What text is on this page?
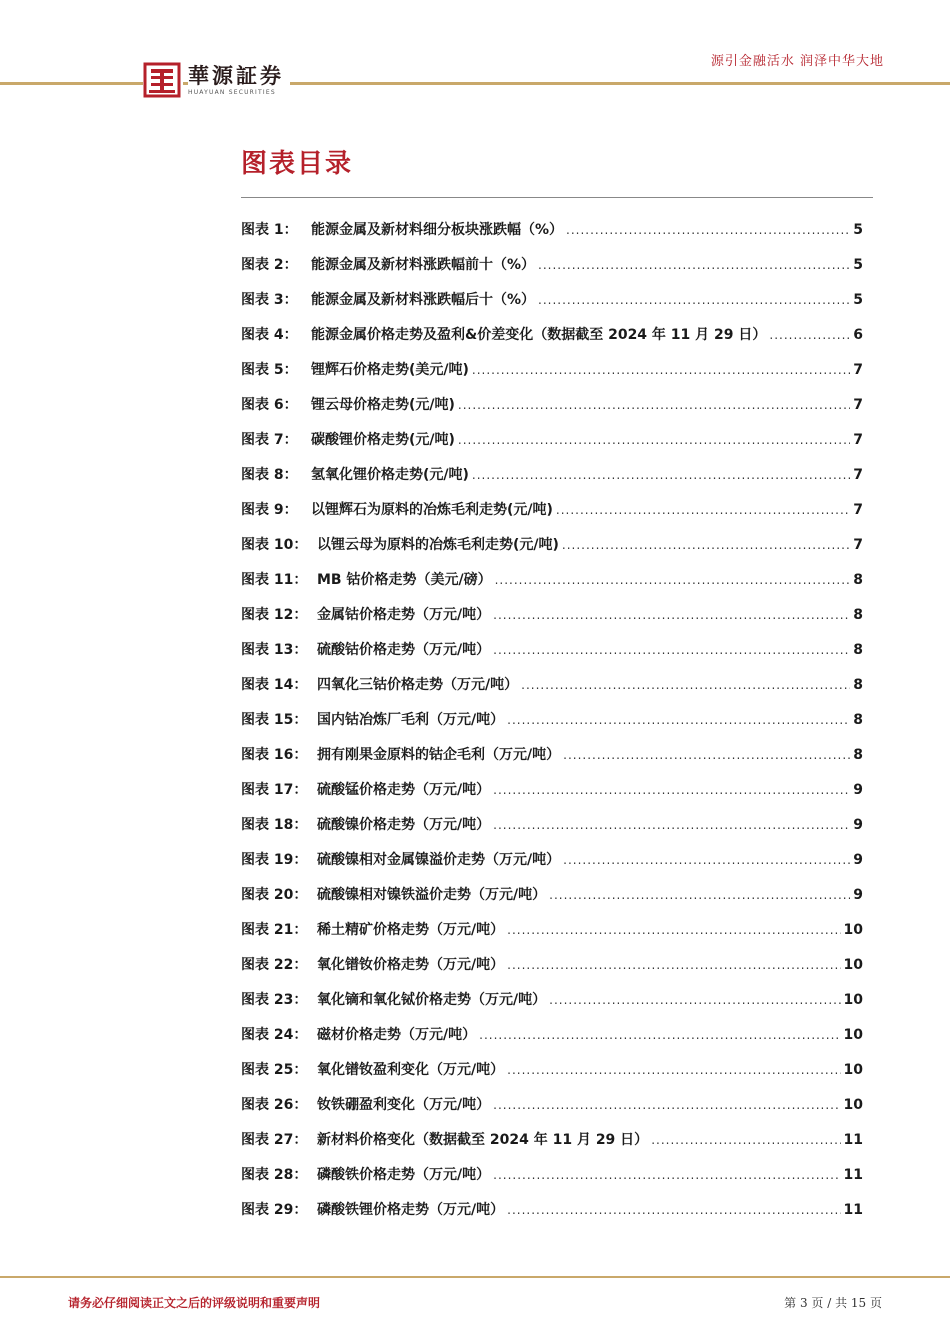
華源証券
HUAYUAN SECURITIES
源引金融活水 润泽中华大地
图表目录
图表 1： 能源金属及新材料细分板块涨跌幅（%） .....	5
图表 2： 能源金属及新材料涨跌幅前十（%） .....	5
图表 3： 能源金属及新材料涨跌幅后十（%） .....	5
图表 4： 能源金属价格走势及盈利&价差变化（数据截至 2024 年 11 月 29 日） .....	6
图表 5： 锂辉石价格走势(美元/吨) .....	7
图表 6： 锂云母价格走势(元/吨) .....	7
图表 7： 碳酸锂价格走势(元/吨) .....	7
图表 8： 氢氧化锂价格走势(元/吨) .....	7
图表 9： 以锂辉石为原料的冶炼毛利走势(元/吨) .....	7
图表 10： 以锂云母为原料的冶炼毛利走势(元/吨) .....	7
图表 11： MB 钴价格走势（美元/磅） .....	8
图表 12： 金属钴价格走势（万元/吨） .....	8
图表 13： 硫酸钴价格走势（万元/吨） .....	8
图表 14： 四氧化三钴价格走势（万元/吨） .....	8
图表 15： 国内钴冶炼厂毛利（万元/吨） .....	8
图表 16： 拥有刚果金原料的钴企毛利（万元/吨） .....	8
图表 17： 硫酸锰价格走势（万元/吨） .....	9
图表 18： 硫酸镍价格走势（万元/吨） .....	9
图表 19： 硫酸镍相对金属镍溢价走势（万元/吨） .....	9
图表 20： 硫酸镍相对镍铁溢价走势（万元/吨） .....	9
图表 21： 稀土精矿价格走势（万元/吨） .....	10
图表 22： 氧化镨钕价格走势（万元/吨） .....	10
图表 23： 氧化镝和氧化铽价格走势（万元/吨） .....	10
图表 24： 磁材价格走势（万元/吨） .....	10
图表 25： 氧化镨钕盈利变化（万元/吨） .....	10
图表 26： 钕铁硼盈利变化（万元/吨） .....	10
图表 27： 新材料价格变化（数据截至 2024 年 11 月 29 日） .....	11
图表 28： 磷酸铁价格走势（万元/吨） .....	11
图表 29： 磷酸铁锂价格走势（万元/吨） .....	11
请务必仔细阅读正文之后的评级说明和重要声明	第 3 页 / 共 15 页
